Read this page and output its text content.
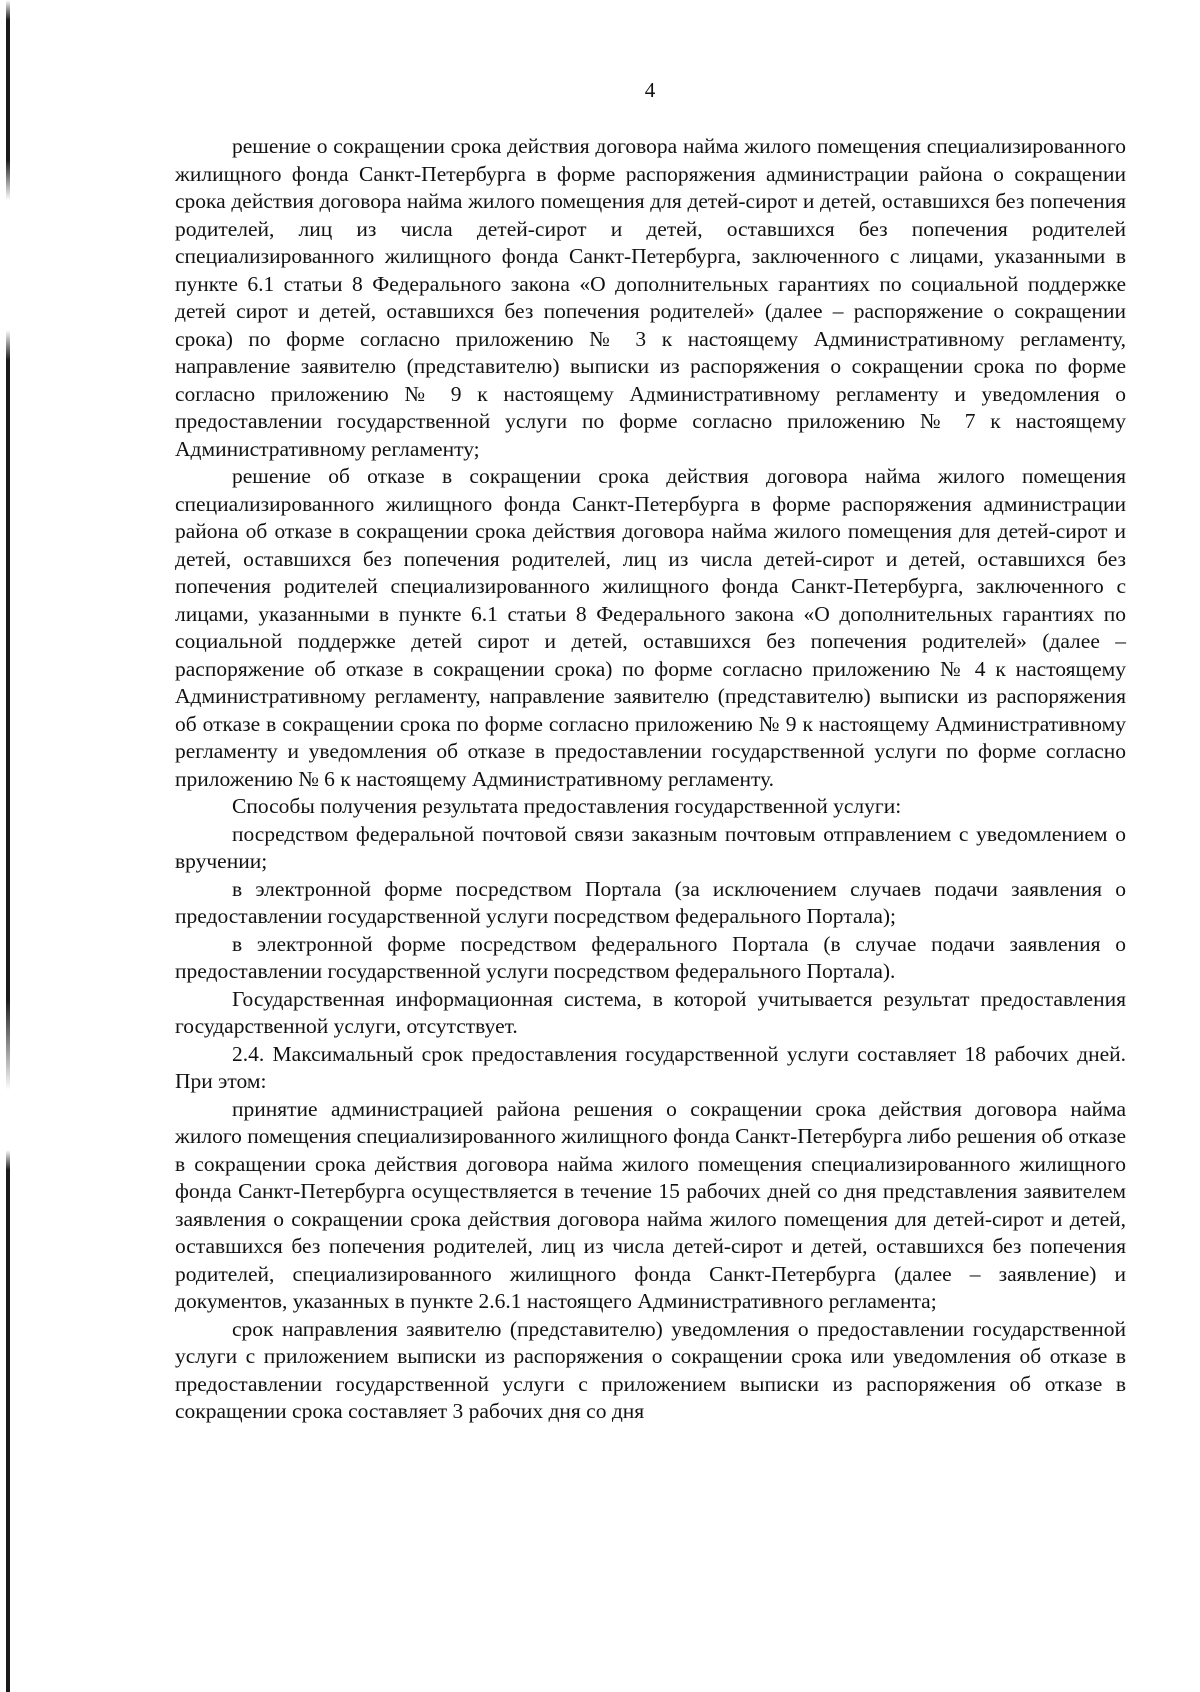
4

решение о сокращении срока действия договора найма жилого помещения специализированного жилищного фонда Санкт-Петербурга в форме распоряжения администрации района о сокращении срока действия договора найма жилого помещения для детей-сирот и детей, оставшихся без попечения родителей, лиц из числа детей-сирот и детей, оставшихся без попечения родителей специализированного жилищного фонда Санкт-Петербурга, заключенного с лицами, указанными в пункте 6.1 статьи 8 Федерального закона «О дополнительных гарантиях по социальной поддержке детей сирот и детей, оставшихся без попечения родителей» (далее – распоряжение о сокращении срока) по форме согласно приложению № 3 к настоящему Административному регламенту, направление заявителю (представителю) выписки из распоряжения о сокращении срока по форме согласно приложению № 9 к настоящему Административному регламенту и уведомления о предоставлении государственной услуги по форме согласно приложению № 7 к настоящему Административному регламенту;

решение об отказе в сокращении срока действия договора найма жилого помещения специализированного жилищного фонда Санкт-Петербурга в форме распоряжения администрации района об отказе в сокращении срока действия договора найма жилого помещения для детей-сирот и детей, оставшихся без попечения родителей, лиц из числа детей-сирот и детей, оставшихся без попечения родителей специализированного жилищного фонда Санкт-Петербурга, заключенного с лицами, указанными в пункте 6.1 статьи 8 Федерального закона «О дополнительных гарантиях по социальной поддержке детей сирот и детей, оставшихся без попечения родителей» (далее – распоряжение об отказе в сокращении срока) по форме согласно приложению № 4 к настоящему Административному регламенту, направление заявителю (представителю) выписки из распоряжения об отказе в сокращении срока по форме согласно приложению № 9 к настоящему Административному регламенту и уведомления об отказе в предоставлении государственной услуги по форме согласно приложению № 6 к настоящему Административному регламенту.

Способы получения результата предоставления государственной услуги:

посредством федеральной почтовой связи заказным почтовым отправлением с уведомлением о вручении;

в электронной форме посредством Портала (за исключением случаев подачи заявления о предоставлении государственной услуги посредством федерального Портала);

в электронной форме посредством федерального Портала (в случае подачи заявления о предоставлении государственной услуги посредством федерального Портала).

Государственная информационная система, в которой учитывается результат предоставления государственной услуги, отсутствует.

2.4. Максимальный срок предоставления государственной услуги составляет 18 рабочих дней. При этом:

принятие администрацией района решения о сокращении срока действия договора найма жилого помещения специализированного жилищного фонда Санкт-Петербурга либо решения об отказе в сокращении срока действия договора найма жилого помещения специализированного жилищного фонда Санкт-Петербурга осуществляется в течение 15 рабочих дней со дня представления заявителем заявления о сокращении срока действия договора найма жилого помещения для детей-сирот и детей, оставшихся без попечения родителей, лиц из числа детей-сирот и детей, оставшихся без попечения родителей, специализированного жилищного фонда Санкт-Петербурга (далее – заявление) и документов, указанных в пункте 2.6.1 настоящего Административного регламента;

срок направления заявителю (представителю) уведомления о предоставлении государственной услуги с приложением выписки из распоряжения о сокращении срока или уведомления об отказе в предоставлении государственной услуги с приложением выписки из распоряжения об отказе в сокращении срока составляет 3 рабочих дня со дня
